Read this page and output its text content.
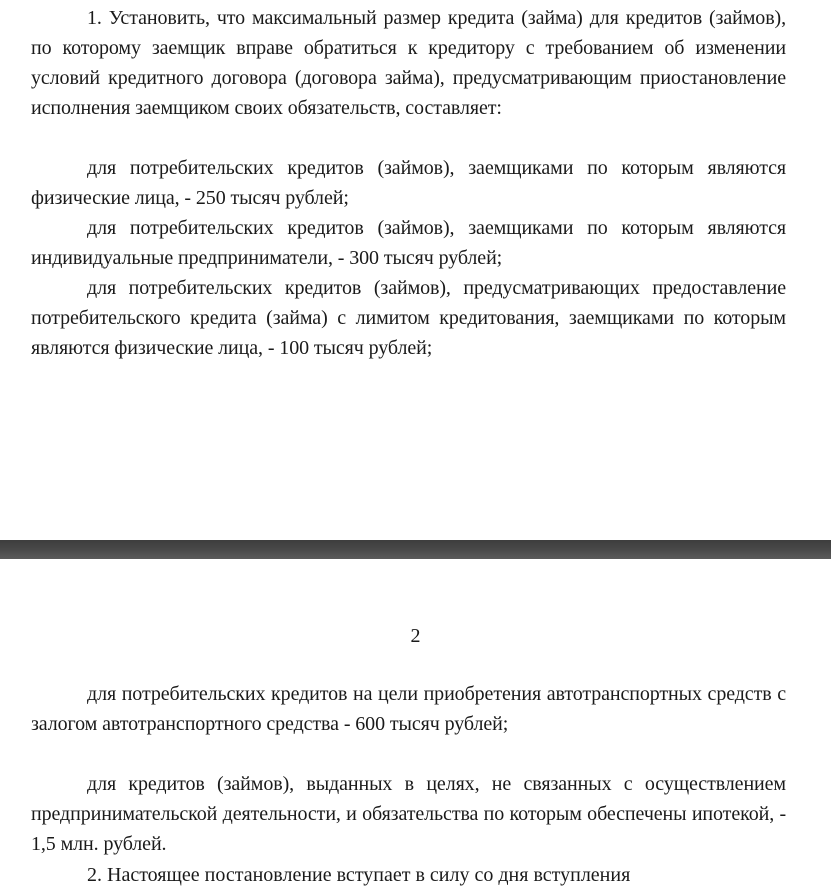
1. Установить, что максимальный размер кредита (займа) для кредитов (займов), по которому заемщик вправе обратиться к кредитору с требованием об изменении условий кредитного договора (договора займа), предусматривающим приостановление исполнения заемщиком своих обязательств, составляет:

для потребительских кредитов (займов), заемщиками по которым являются физические лица, - 250 тысяч рублей;

для потребительских кредитов (займов), заемщиками по которым являются индивидуальные предприниматели, - 300 тысяч рублей;

для потребительских кредитов (займов), предусматривающих предоставление потребительского кредита (займа) с лимитом кредитования, заемщиками по которым являются физические лица, - 100 тысяч рублей;

2

для потребительских кредитов на цели приобретения автотранспортных средств с залогом автотранспортного средства - 600 тысяч рублей;

для кредитов (займов), выданных в целях, не связанных с осуществлением предпринимательской деятельности, и обязательства по которым обеспечены ипотекой, - 1,5 млн. рублей.

2. Настоящее постановление вступает в силу со дня вступления
